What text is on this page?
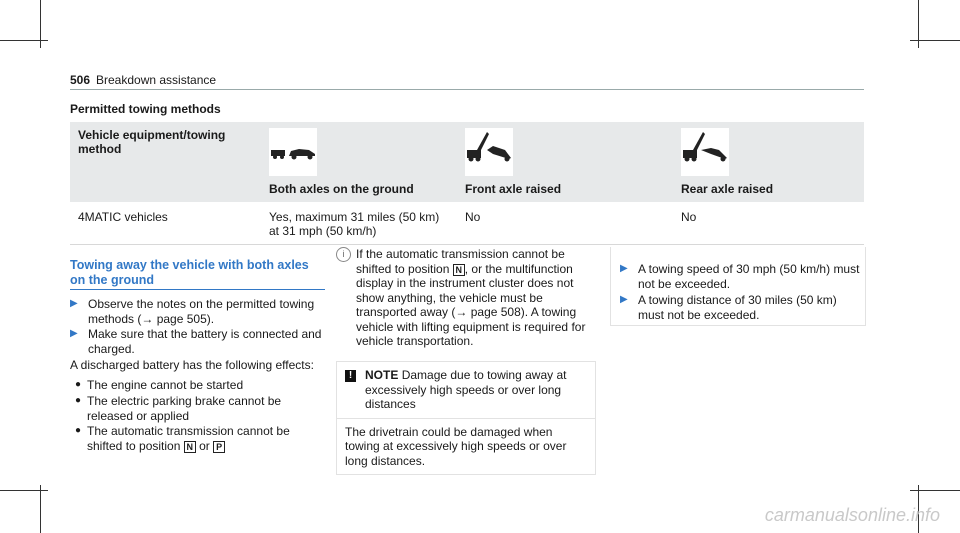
506 Breakdown assistance
Permitted towing methods
Vehicle equipment/towing method	Both axles on the ground	Front axle raised	Rear axle raised

4MATIC vehicles	Yes, maximum 31 miles (50 km) at 31 mph (50 km/h)	No	No
Towing away the vehicle with both axles on the ground
▶ Observe the notes on the permitted towing methods (→ page 505).
▶ Make sure that the battery is connected and charged.
A discharged battery has the following effects:
● The engine cannot be started
● The electric parking brake cannot be released or applied
● The automatic transmission cannot be shifted to position N or P
i If the automatic transmission cannot be shifted to position N , or the multifunction display in the instrument cluster does not show anything, the vehicle must be transported away (→ page 508). A towing vehicle with lifting equipment is required for vehicle transportation.
!	NOTE Damage due to towing away at excessively high speeds or over long distances
The drivetrain could be damaged when towing at excessively high speeds or over long distances.
▶ A towing speed of 30 mph (50 km/h) must not be exceeded.
▶ A towing distance of 30 miles (50 km) must not be exceeded.
carmanualsonline.info
